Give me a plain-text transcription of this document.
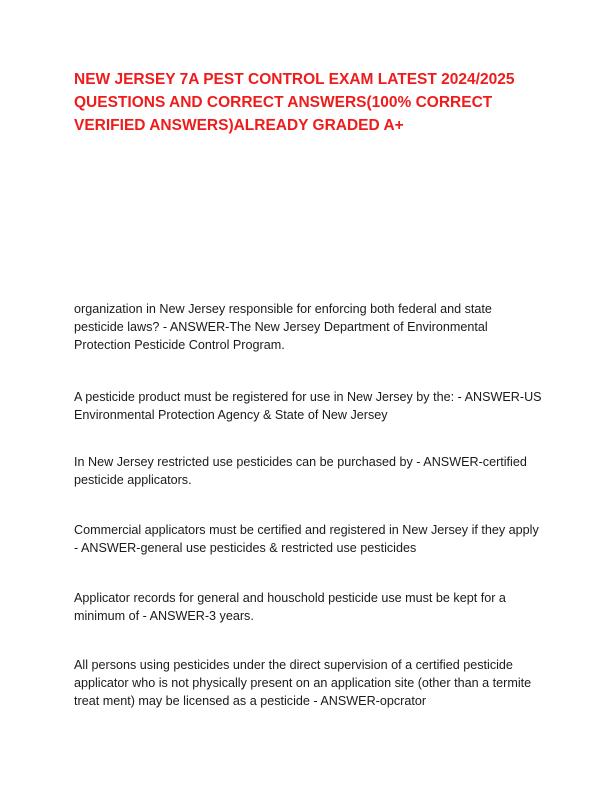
NEW JERSEY 7A PEST CONTROL EXAM LATEST 2024/2025 QUESTIONS AND CORRECT ANSWERS(100% CORRECT VERIFIED ANSWERS)ALREADY GRADED A+

organization in New Jersey responsible for enforcing both federal and state pesticide laws? - ANSWER-The New Jersey Department of Environmental Protection Pesticide Control Program.

A pesticide product must be registered for use in New Jersey by the: - ANSWER-US Environmental Protection Agency & State of New Jersey

In New Jersey restricted use pesticides can be purchased by - ANSWER-certified pesticide applicators.

Commercial applicators must be certified and registered in New Jersey if they apply - ANSWER-general use pesticides & restricted use pesticides

Applicator records for general and houschold pesticide use must be kept for a minimum of - ANSWER-3 years.

All persons using pesticides under the direct supervision of a certified pesticide applicator who is not physically present on an application site (other than a termite treat ment) may be licensed as a pesticide - ANSWER-opcrator
